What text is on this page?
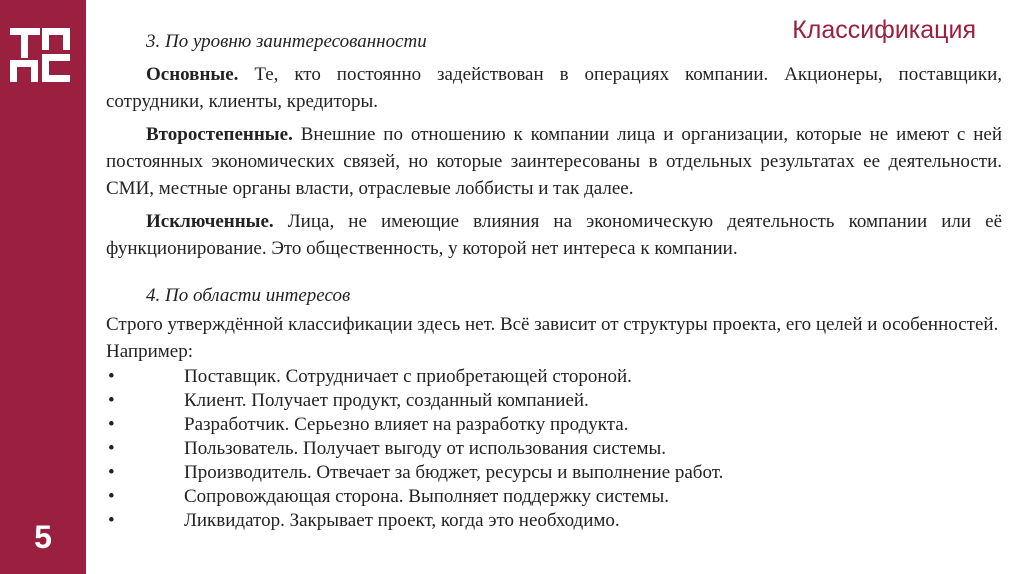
5
Классификация
3. По уровню заинтересованности

Основные. Те, кто постоянно задействован в операциях компании. Акционеры, поставщики, сотрудники, клиенты, кредиторы.

Второстепенные. Внешние по отношению к компании лица и организации, которые не имеют с ней постоянных экономических связей, но которые заинтересованы в отдельных результатах ее деятельности. СМИ, местные органы власти, отраслевые лоббисты и так далее.

Исключенные. Лица, не имеющие влияния на экономическую деятельность компании или её функционирование. Это общественность, у которой нет интереса к компании.

4. По области интересов

Строго утверждённой классификации здесь нет. Всё зависит от структуры проекта, его целей и особенностей. Например:

•	Поставщик. Сотрудничает с приобретающей стороной.
•	Клиент. Получает продукт, созданный компанией.
•	Разработчик. Серьезно влияет на разработку продукта.
•	Пользователь. Получает выгоду от использования системы.
•	Производитель. Отвечает за бюджет, ресурсы и выполнение работ.
•	Сопровождающая сторона. Выполняет поддержку системы.
•	Ликвидатор. Закрывает проект, когда это необходимо.
